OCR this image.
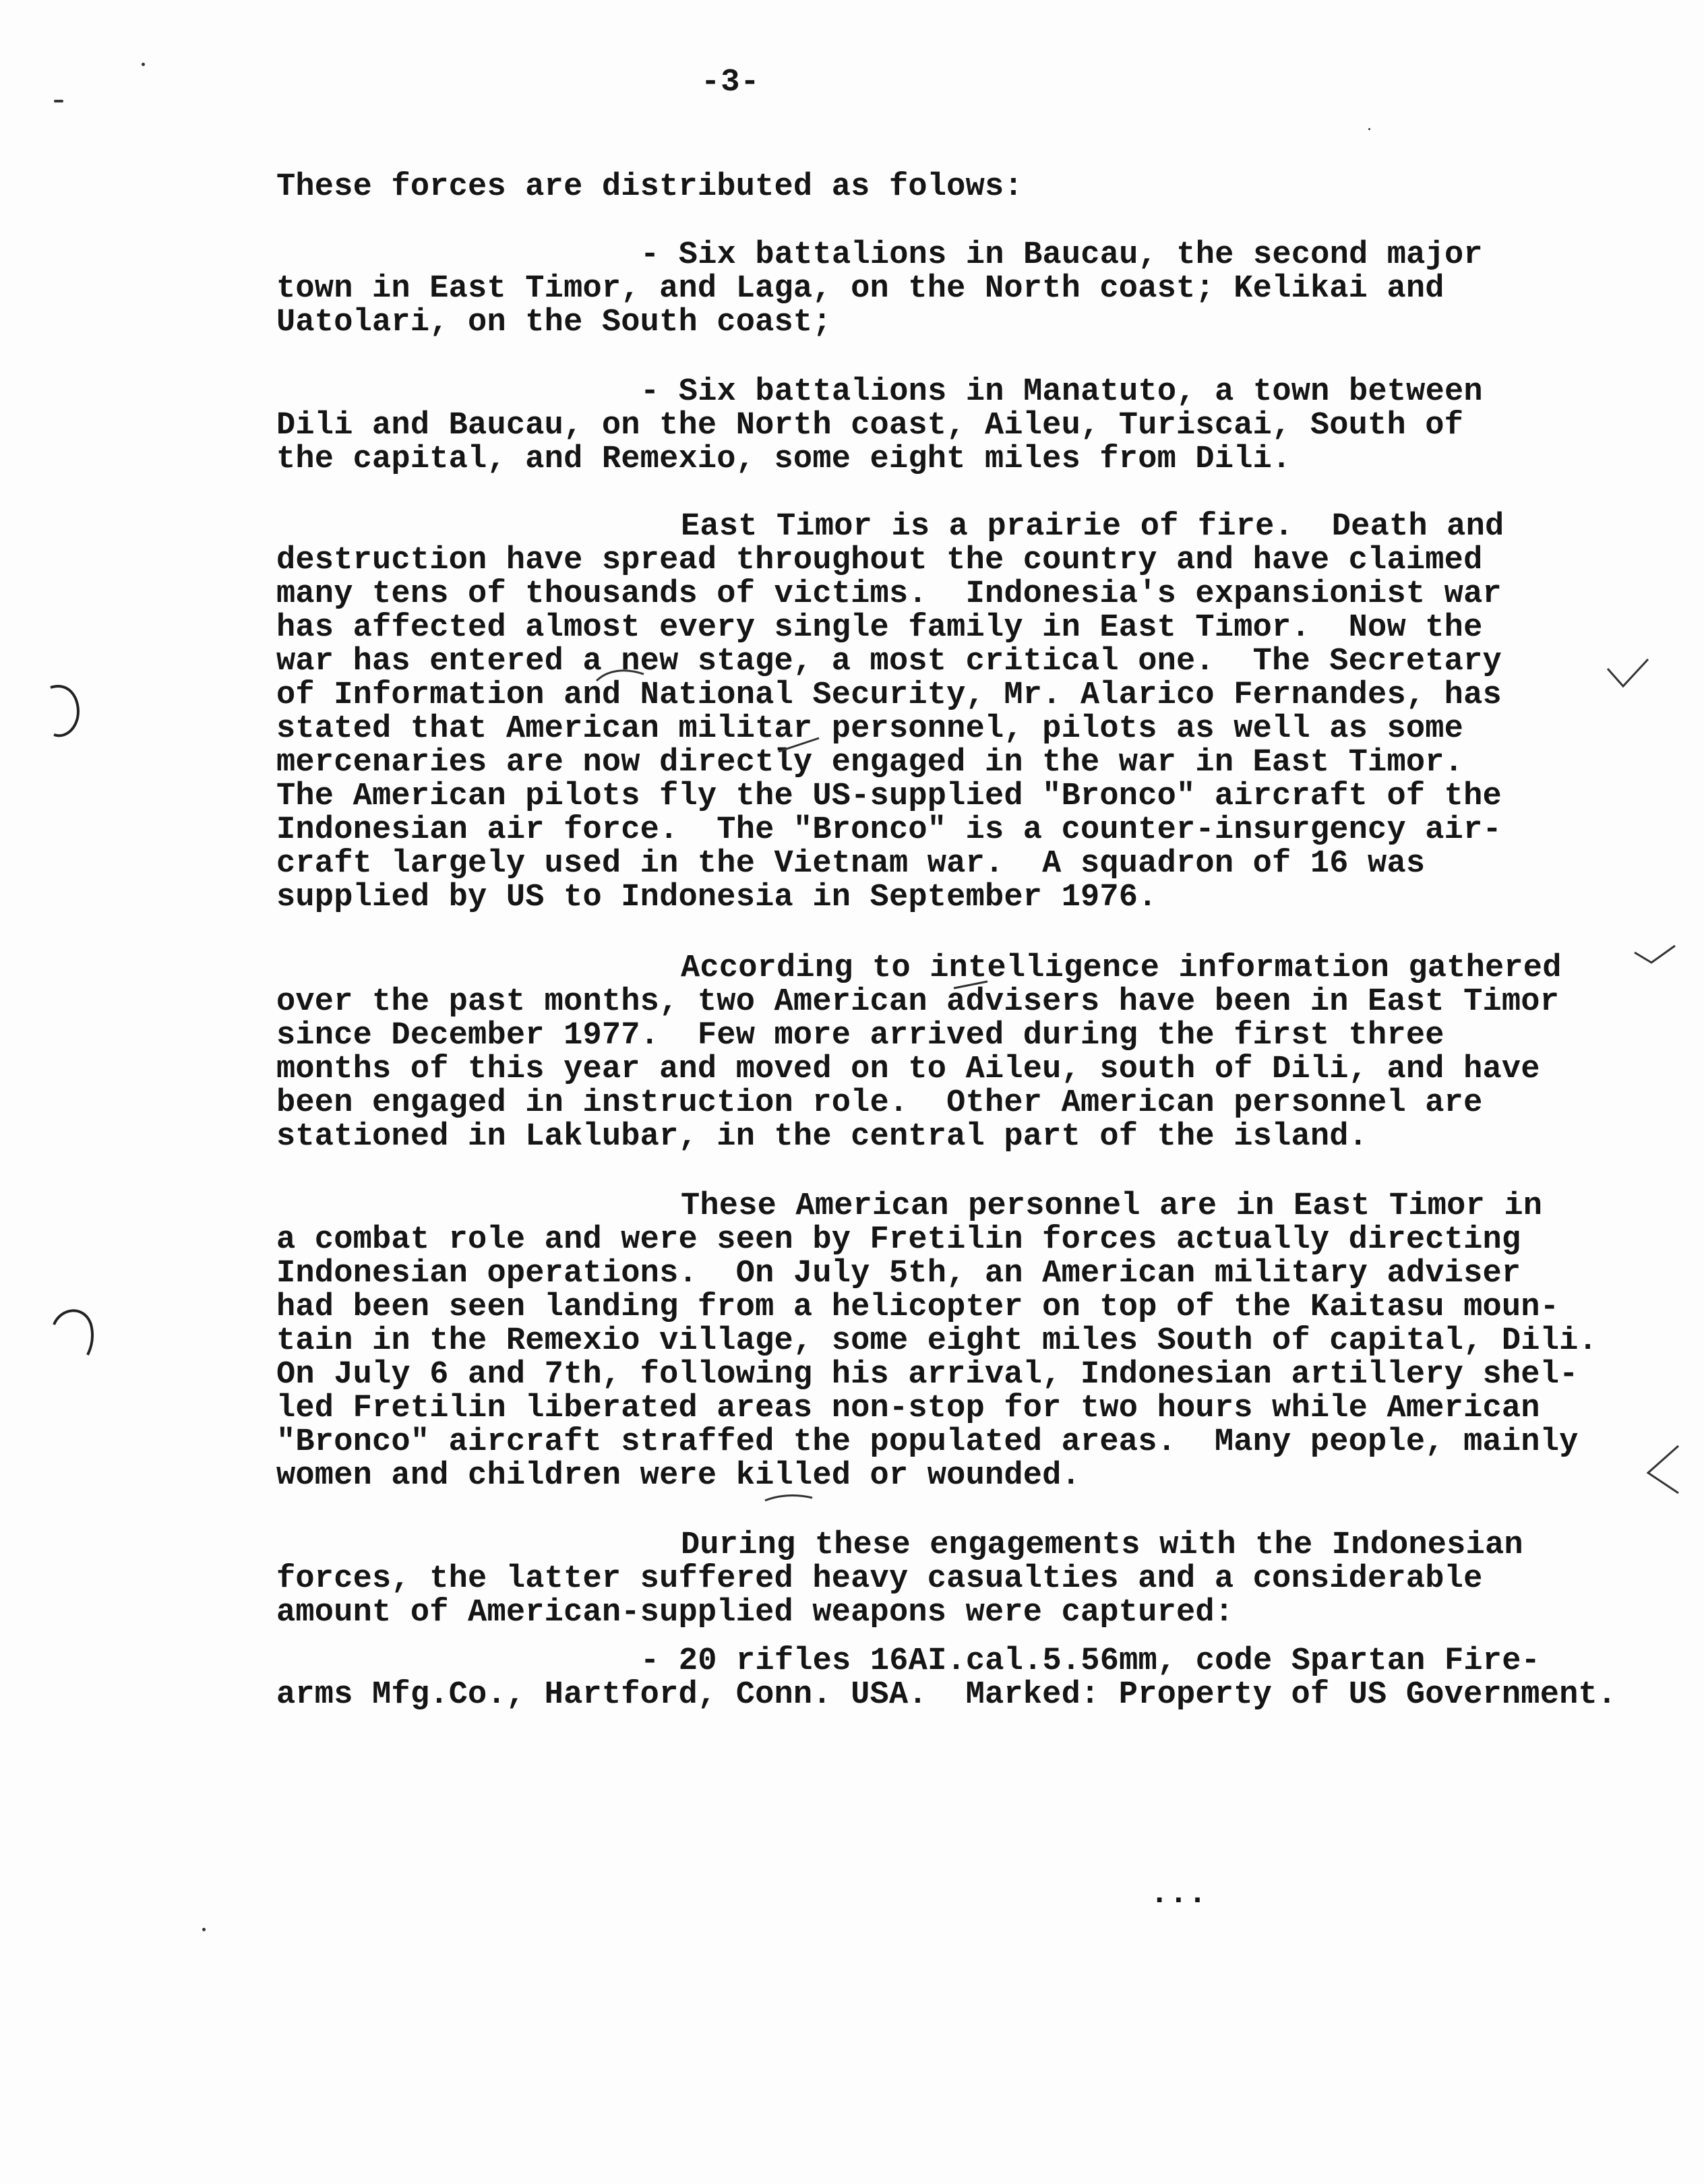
-3-
These forces are distributed as folows:
- Six battalions in Baucau, the second major
town in East Timor, and Laga, on the North coast; Kelikai and
Uatolari, on the South coast;
- Six battalions in Manatuto, a town between
Dili and Baucau, on the North coast, Aileu, Turiscai, South of
the capital, and Remexio, some eight miles from Dili.
East Timor is a prairie of fire.  Death and
destruction have spread throughout the country and have claimed
many tens of thousands of victims.  Indonesia's expansionist war
has affected almost every single family in East Timor.  Now the
war has entered a new stage, a most critical one.  The Secretary
of Information and National Security, Mr. Alarico Fernandes, has
stated that American militar personnel, pilots as well as some
mercenaries are now directly engaged in the war in East Timor.
The American pilots fly the US-supplied "Bronco" aircraft of the
Indonesian air force.  The "Bronco" is a counter-insurgency air-
craft largely used in the Vietnam war.  A squadron of 16 was
supplied by US to Indonesia in September 1976.
According to intelligence information gathered
over the past months, two American advisers have been in East Timor
since December 1977.  Few more arrived during the first three
months of this year and moved on to Aileu, south of Dili, and have
been engaged in instruction role.  Other American personnel are
stationed in Laklubar, in the central part of the island.
These American personnel are in East Timor in
a combat role and were seen by Fretilin forces actually directing
Indonesian operations.  On July 5th, an American military adviser
had been seen landing from a helicopter on top of the Kaitasu moun-
tain in the Remexio village, some eight miles South of capital, Dili.
On July 6 and 7th, following his arrival, Indonesian artillery shel-
led Fretilin liberated areas non-stop for two hours while American
"Bronco" aircraft straffed the populated areas.  Many people, mainly
women and children were killed or wounded.
During these engagements with the Indonesian
forces, the latter suffered heavy casualties and a considerable
amount of American-supplied weapons were captured:
- 20 rifles 16AI.cal.5.56mm, code Spartan Fire-
arms Mfg.Co., Hartford, Conn. USA.  Marked: Property of US Government.
...
